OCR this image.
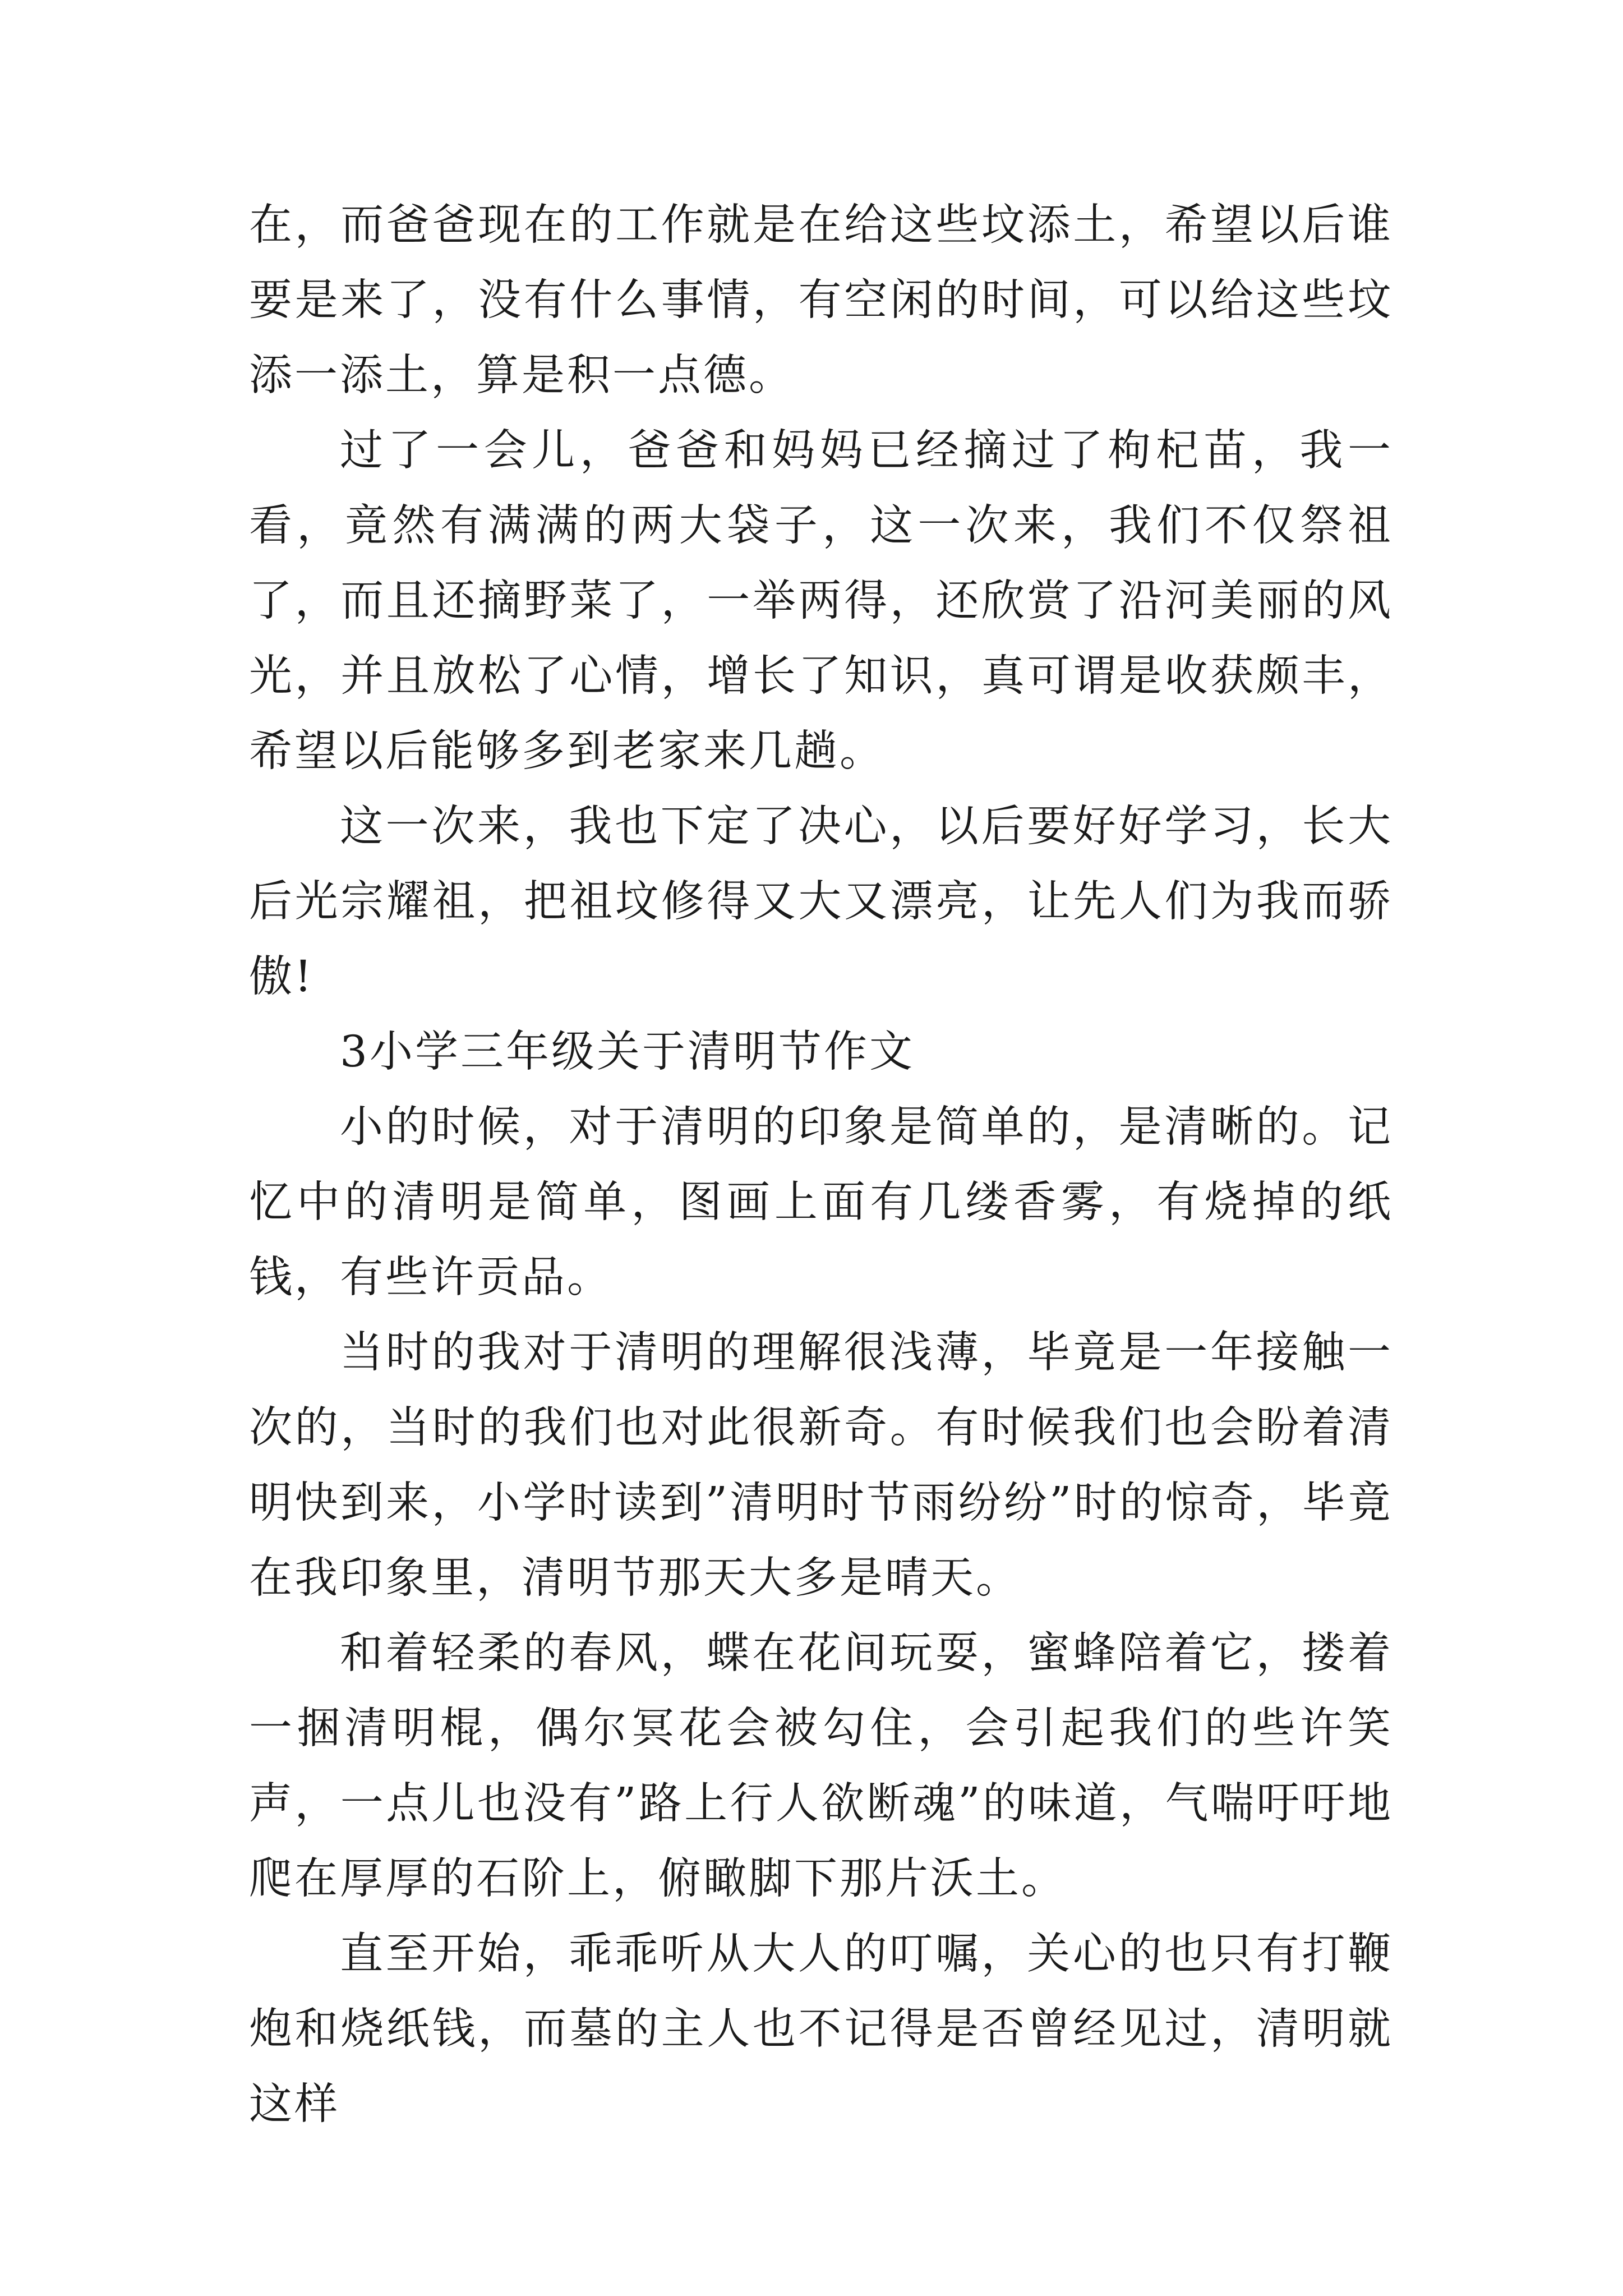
在，而爸爸现在的工作就是在给这些坟添土，希望以后谁要是来了，没有什么事情，有空闲的时间，可以给这些坟添一添土，算是积一点德。

过了一会儿，爸爸和妈妈已经摘过了枸杞苗，我一看，竟然有满满的两大袋子，这一次来，我们不仅祭祖了，而且还摘野菜了，一举两得，还欣赏了沿河美丽的风光，并且放松了心情，增长了知识，真可谓是收获颇丰，希望以后能够多到老家来几趟。

这一次来，我也下定了决心，以后要好好学习，长大后光宗耀祖，把祖坟修得又大又漂亮，让先人们为我而骄傲!

3小学三年级关于清明节作文

小的时候，对于清明的印象是简单的，是清晰的。记忆中的清明是简单，图画上面有几缕香雾，有烧掉的纸钱，有些许贡品。

当时的我对于清明的理解很浅薄，毕竟是一年接触一次的，当时的我们也对此很新奇。有时候我们也会盼着清明快到来，小学时读到”清明时节雨纷纷”时的惊奇，毕竟在我印象里，清明节那天大多是晴天。

和着轻柔的春风，蝶在花间玩耍，蜜蜂陪着它，搂着一捆清明棍，偶尔冥花会被勾住，会引起我们的些许笑声，一点儿也没有”路上行人欲断魂”的味道，气喘吁吁地爬在厚厚的石阶上，俯瞰脚下那片沃土。

直至开始，乖乖听从大人的叮嘱，关心的也只有打鞭炮和烧纸钱，而墓的主人也不记得是否曾经见过，清明就这样
